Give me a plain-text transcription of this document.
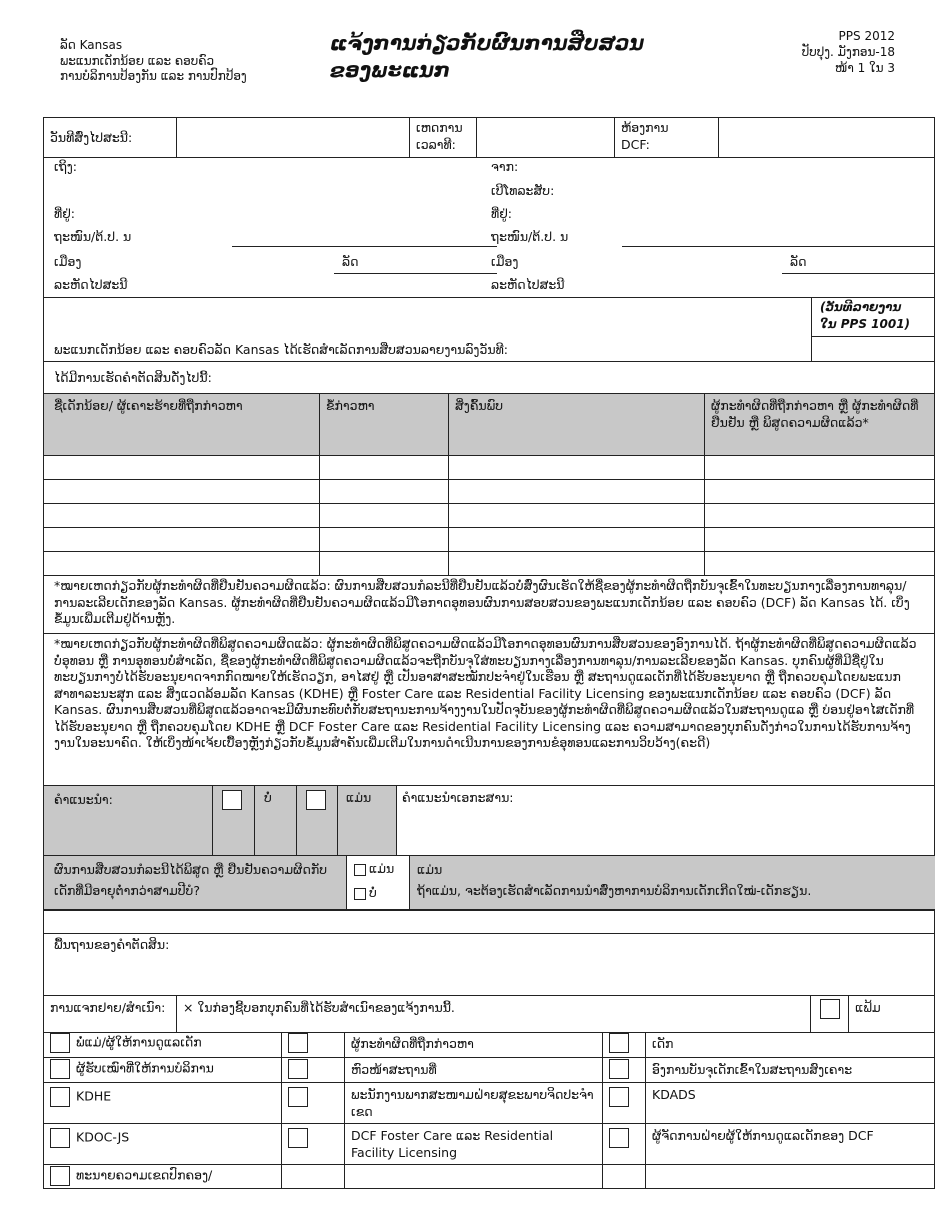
ລັດ Kansas
ພະແນກເດັກນ້ອຍ ແລະ ຄອບຄົວ
ການບໍລິການປ້ອງກັນ ແລະ ການປົກປ້ອງ
ແຈ້ງການກ່ຽວກັບຜົນການສືບສວນຂອງພະແນກ
PPS 2012
ປັບປຸງ. ມັງກອນ-18
ໜ້າ 1 ໃນ 3
ວັນທີສົ່ງໄປສະນີ:		
ເຫດການ
ເວລາທີ:

ຫ້ອງການ
DCF:

ເຖິງ:
ທີ່ຢູ່:
ຖະໜົນ/ຕ້.ປ. ນ
ເມືອງ	ລັດ
ລະຫັດໄປສະນີ
ຈາກ:
ເບີໂທລະສັບ:
ທີ່ຢູ່:
ຖະໜົນ/ຕ້.ປ. ນ
ເມືອງ	ລັດ
ລະຫັດໄປສະນີ
ພະແນກເດັກນ້ອຍ ແລະ ຄອບຄົວລັດ Kansas ໄດ້ເຮັດສຳເລັດການສືບສວນລາຍງານລົງວັນທີ:
(ວັນທີລາຍງານ
ໃນ PPS 1001)
ໄດ້ມີການເຮັດຄຳຕັດສິນດັ່ງໄປນີ້:
ຊື່ເດັກນ້ອຍ/ ຜູ້ເຄາະຮ້າຍທີ່ຖືກກ່າວຫາ	ຂໍ້ກ່າວຫາ	ສິ່ງຄົ້ນພົບ	ຜູ້ກະທຳຜິດທີ່ຖືກກ່າວຫາ ຫຼື ຜູ້ກະທຳຜິດທີ່ຢືນຢັນ ຫຼື ພິສູດຄວາມຜິດແລ້ວ*

*ໝາຍເຫດກ່ຽວກັບຜູ້ກະທຳຜິດທີ່ຢືນຢັນຄວາມຜິດແລ້ວ: ຜົນການສືບສວນກໍລະນີທີ່ຢືນຢັນແລ້ວບໍ່ສົ່ງຜົນເຮັດໃຫ້ຊື່ຂອງຜູ້ກະທຳຜິດຖືກບັນຈຸເຂົ້າໃນທະບຽນກາງເລື່ອງການທາລຸນ/ການລະເລີຍເດັກຂອງລັດ Kansas. ຜູ້ກະທຳຜິດທີ່ຢືນຢັນຄວາມຜິດແລ້ວມີໂອກາດອຸທອນຜົນການສອບສວນຂອງພະແນກເດັກນ້ອຍ ແລະ ຄອບຄົວ (DCF) ລັດ Kansas ໄດ້. ເບິ່ງຂໍ້ມູນເພີ່ມເຕີມຢູ່ດ້ານຫຼັງ.
*ໝາຍເຫດກ່ຽວກັບຜູ້ກະທຳຜິດທີ່ພິສູດຄວາມຜິດແລ້ວ: ຜູ້ກະທຳຜິດທີ່ພິສູດຄວາມຜິດແລ້ວມີໂອກາດອຸທອນຜົນການສືບສວນຂອງອົງການໄດ້. ຖ້າຜູ້ກະທຳຜິດທີ່ພິສູດຄວາມຜິດແລ້ວບໍ່ອຸທອນ ຫຼື ການອຸທອນບໍ່ສຳເລັດ, ຊື່ຂອງຜູ້ກະທຳຜິດທີ່ພິສູດຄວາມຜິດແລ້ວຈະຖືກບັນຈຸໃສ່ທະບຽນກາງເລື່ອງການທາລຸນ/ການລະເລີຍຂອງລັດ Kansas. ບຸກຄົນຜູ້ທີ່ມີຊື່ຢູ່ໃນທະບຽນກາງບໍ່ໄດ້ຮັບອະນຸຍາດຈາກກົດໝາຍໃຫ້ເຮັດວຽກ, ອາໄສຢູ່ ຫຼື ເປັນອາສາສະໝັກປະຈໍາຢູ່ໃນເຮືອນ ຫຼື ສະຖານດູແລເດັກທີ່ໄດ້ຮັບອະນຸຍາດ ຫຼື ຖືກຄວບຄຸມໂດຍພະແນກສາທາລະນະສຸກ ແລະ ສິ່ງແວດລ້ອມລັດ Kansas (KDHE) ຫຼື Foster Care ແລະ Residential Facility Licensing ຂອງພະແນກເດັກນ້ອຍ ແລະ ຄອບຄົວ (DCF) ລັດ Kansas. ຜົນການສືບສວນທີ່ພິສູດແລ້ວອາດຈະມີຜົນກະທົບຕໍ່ກັບສະຖານະການຈ້າງງານໃນປັດຈຸບັນຂອງຜູ້ກະທຳຜິດທີ່ພິສູດຄວາມຜິດແລ້ວໃນສະຖານດູແລ ຫຼື ບ່ອນຢູ່ອາໄສເດັກທີ່ໄດ້ຮັບອະນຸຍາດ ຫຼື ຖືກຄວບຄຸມໂດຍ KDHE ຫຼື DCF Foster Care ແລະ Residential Facility Licensing ແລະ ຄວາມສາມາດຂອງບຸກຄົນດັ່ງກ່າວໃນການໄດ້ຮັບການຈ້າງງານໃນອະນາຄົດ. ໃຫ້ເບິ່ງໜ້າເຈ້ຍເບື້ອງຫຼັງກ່ຽວກັບຂໍ້ມູນສຳຄັນເພີ່ມເຕີມໃນການດຳເນີນການຂອງການຂໍອຸທອນແລະການວິບວ້າງ(ຄະດີ)
ຄຳແນະນຳ:	ບໍ່	ແມ່ນ ຄຳແນະນຳເອກະສານ:
ຜົນການສືບສວນກໍລະນີໄດ້ພິສູດ ຫຼື ຢືນຢັນຄວາມຜິດກັບເດັກທີ່ມີອາຍຸຕໍ່າກວ່າສາມປີບໍ?
ແມ່ນ
ບໍ່
ແມ່ນ
ຖ້າແມ່ນ, ຈະຕ້ອງເຮັດສຳເລັດການນຳສົ່ງຫາການບໍລິການເດັກເກີດໃໝ່-ເດັກຮຽນ.
ພື້ນຖານຂອງຄຳຕັດສິນ:
ການແຈກຢາຍ/ສຳເນົາ:	× ໃນກ່ອງຊີ້ບອກບຸກຄົນທີ່ໄດ້ຮັບສຳເນົາຂອງແຈ້ງການນີ້.		ແຟ້ມ
ພໍ່ແມ່/ຜູ້ໃຫ້ການດູແລເດັກ		ຜູ້ກະທຳຜິດທີ່ຖືກກ່າວຫາ		ເດັກ
ຜູ້ຮັບເໝົາທີ່ໃຫ້ການບໍລິການ		ຫົວໜ້າສະຖານທີ່		ອົງການບັນຈຸເດັກເຂົ້າໃນສະຖານສົງເຄາະ
KDHE		ພະນັກງານພາກສະໜາມຝ່າຍສຸຂະພາບຈິດປະຈຳເຂດ		KDADS
KDOC-JS		DCF Foster Care ແລະ Residential Facility Licensing		ຜູ້ຈັດການຝ່າຍຜູ້ໃຫ້ການດູແລເດັກຂອງ DCF
ທະນາຍຄວາມເຂດປົກຄອງ/				
